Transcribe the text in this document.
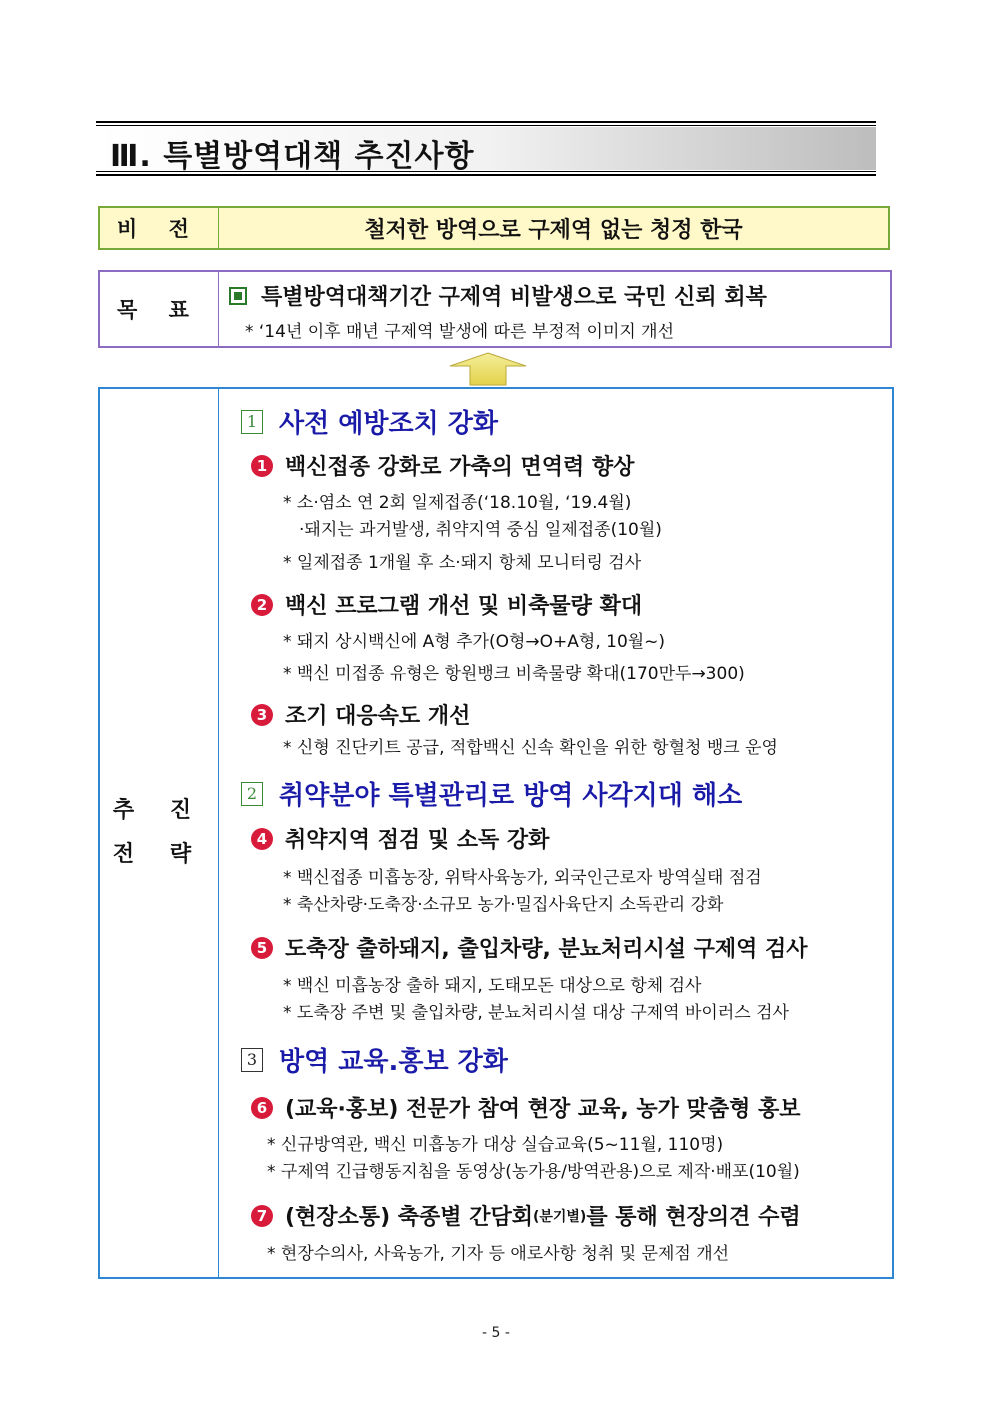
Ⅲ. 특별방역대책 추진사항
비 전	철저한 방역으로 구제역 없는 청정 한국
목 표	특별방역대책기간 구제역 비발생으로 국민 신뢰 회복
* ‘14년 이후 매년 구제역 발생에 따른 부정적 이미지 개선
추 진
전 략
1 사전 예방조치 강화
1 백신접종 강화로 가축의 면역력 향상
* 소·염소 연 2회 일제접종(‘18.10월, ‘19.4월)
·돼지는 과거발생, 취약지역 중심 일제접종(10월)
* 일제접종 1개월 후 소·돼지 항체 모니터링 검사
2 백신 프로그램 개선 및 비축물량 확대
* 돼지 상시백신에 A형 추가(O형→O+A형, 10월~)
* 백신 미접종 유형은 항원뱅크 비축물량 확대(170만두→300)
3 조기 대응속도 개선
* 신형 진단키트 공급, 적합백신 신속 확인을 위한 항혈청 뱅크 운영
2 취약분야 특별관리로 방역 사각지대 해소
4 취약지역 점검 및 소독 강화
* 백신접종 미흡농장, 위탁사육농가, 외국인근로자 방역실태 점검
* 축산차량·도축장·소규모 농가·밀집사육단지 소독관리 강화
5 도축장 출하돼지, 출입차량, 분뇨처리시설 구제역 검사
* 백신 미흡농장 출하 돼지, 도태모돈 대상으로 항체 검사
* 도축장 주변 및 출입차량, 분뇨처리시설 대상 구제역 바이러스 검사
3 방역 교육.홍보 강화
6 (교육·홍보) 전문가 참여 현장 교육, 농가 맞춤형 홍보
* 신규방역관, 백신 미흡농가 대상 실습교육(5~11월, 110명)
* 구제역 긴급행동지침을 동영상(농가용/방역관용)으로 제작·배포(10월)
7 (현장소통) 축종별 간담회 (분기별) 를 통해 현장의견 수렴
* 현장수의사, 사육농가, 기자 등 애로사항 청취 및 문제점 개선
- 5 -
